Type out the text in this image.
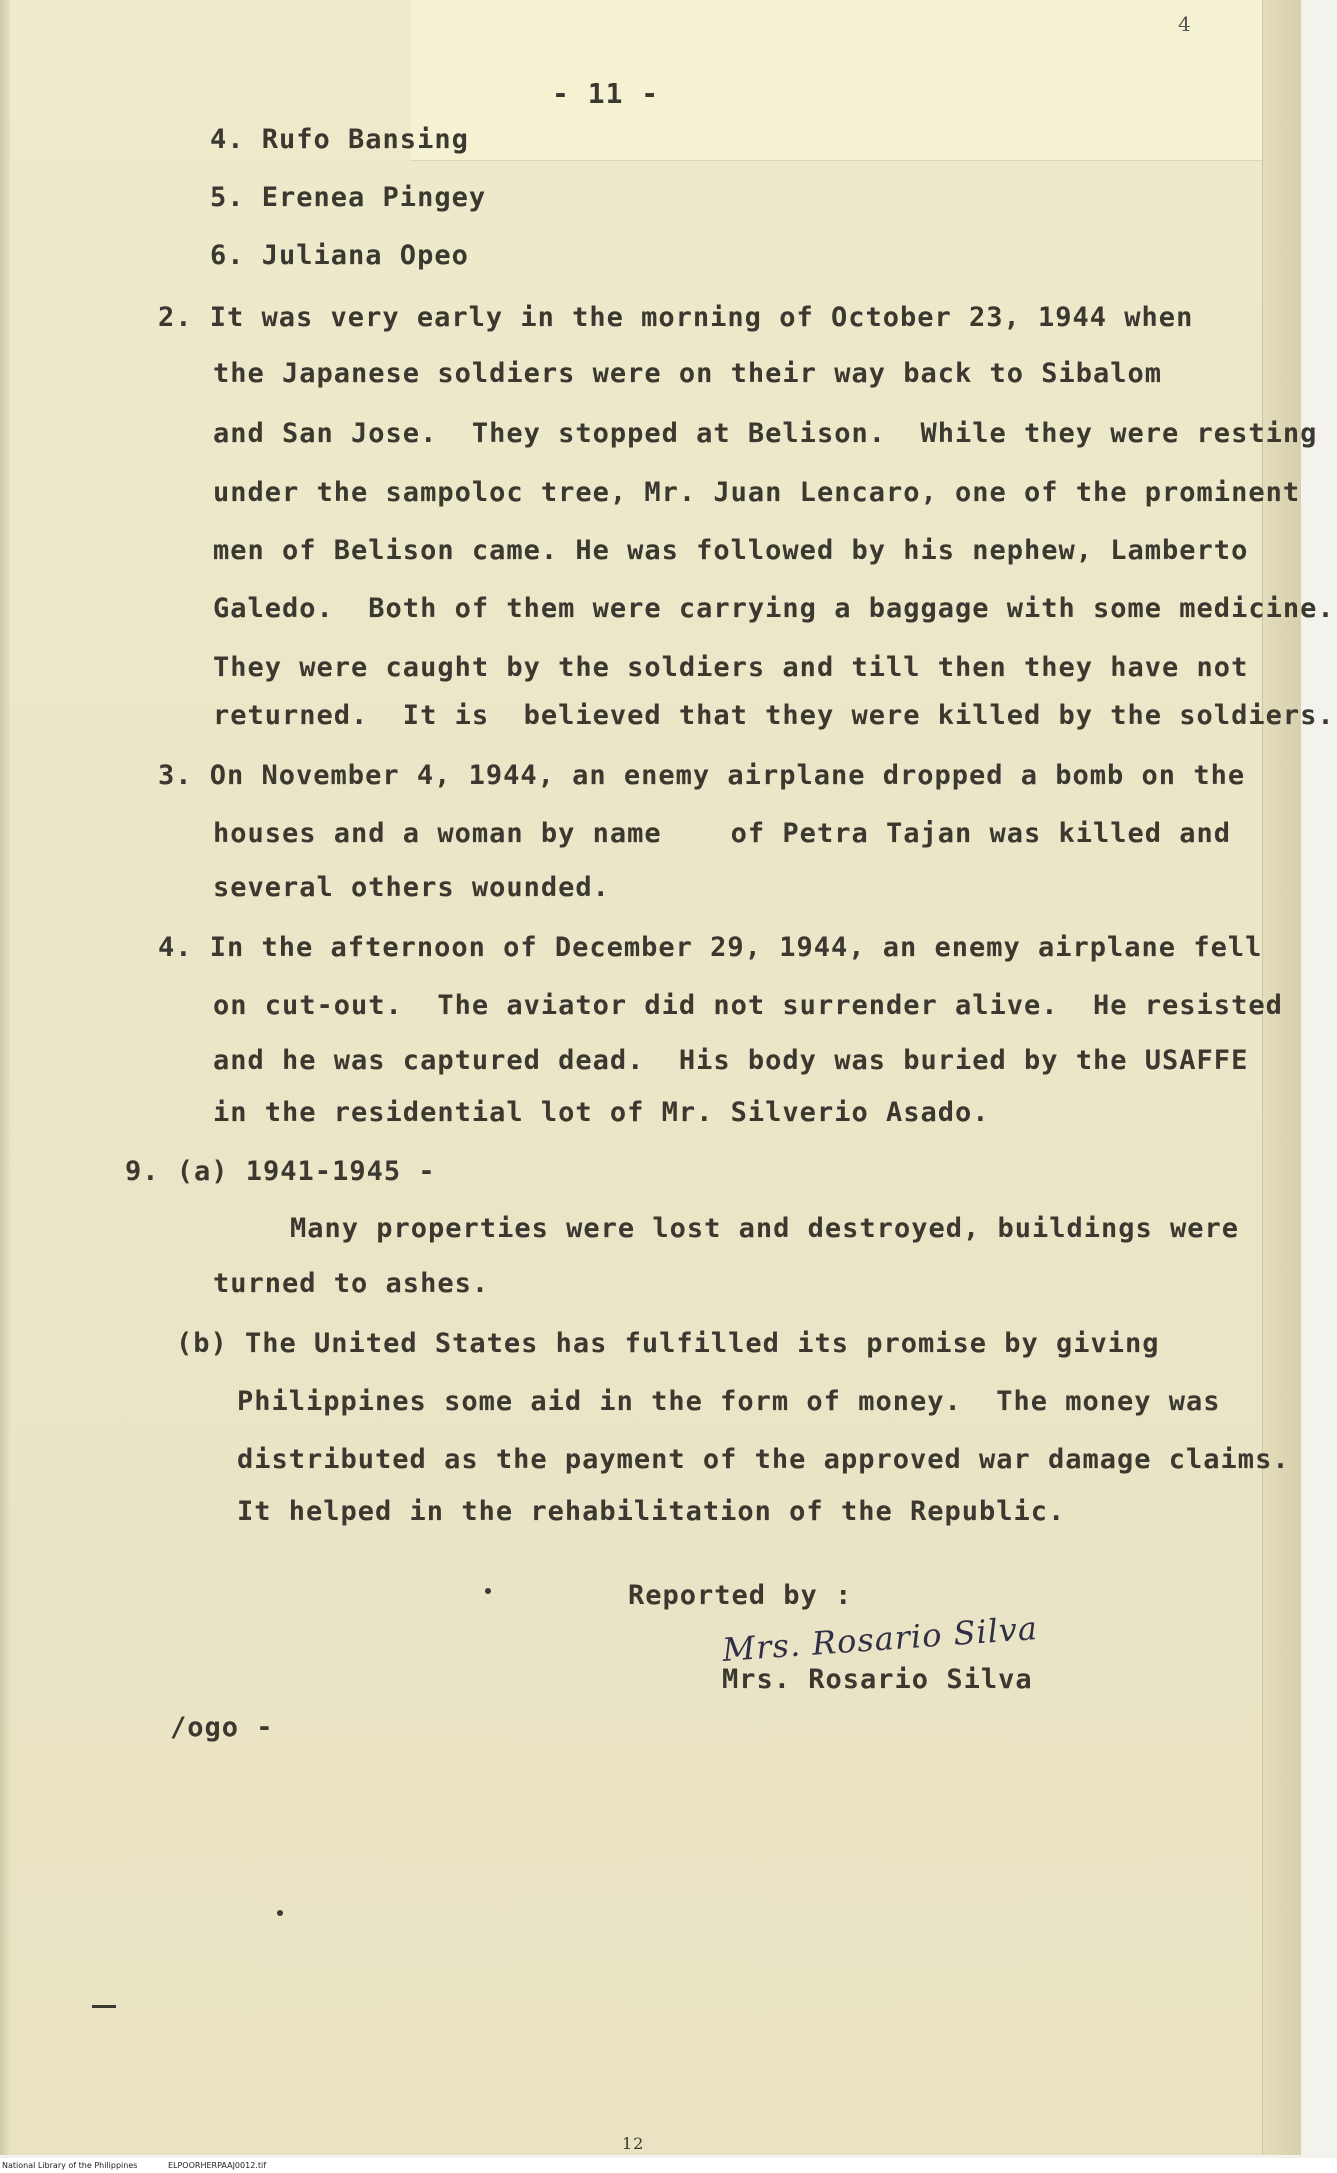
4
- 11 -
4. Rufo Bansing
5. Erenea Pingey
6. Juliana Opeo
2. It was very early in the morning of October 23, 1944 when
the Japanese soldiers were on their way back to Sibalom
and San Jose.  They stopped at Belison.  While they were resting
under the sampoloc tree, Mr. Juan Lencaro, one of the prominent
men of Belison came. He was followed by his nephew, Lamberto
Galedo.  Both of them were carrying a baggage with some medicine.
They were caught by the soldiers and till then they have not
returned.  It is  believed that they were killed by the soldiers.
3. On November 4, 1944, an enemy airplane dropped a bomb on the
houses and a woman by name    of Petra Tajan was killed and
several others wounded.
4. In the afternoon of December 29, 1944, an enemy airplane fell
on cut-out.  The aviator did not surrender alive.  He resisted
and he was captured dead.  His body was buried by the USAFFE
in the residential lot of Mr. Silverio Asado.
9. (a) 1941-1945 -
Many properties were lost and destroyed, buildings were
turned to ashes.
(b) The United States has fulfilled its promise by giving
Philippines some aid in the form of money.  The money was
distributed as the payment of the approved war damage claims.
It helped in the rehabilitation of the Republic.
Reported by :
Mrs. Rosario Silva
Mrs. Rosario Silva
/ogo -
12
National Library of the Philippines	ELPOORHERPAAJ0012.tif
